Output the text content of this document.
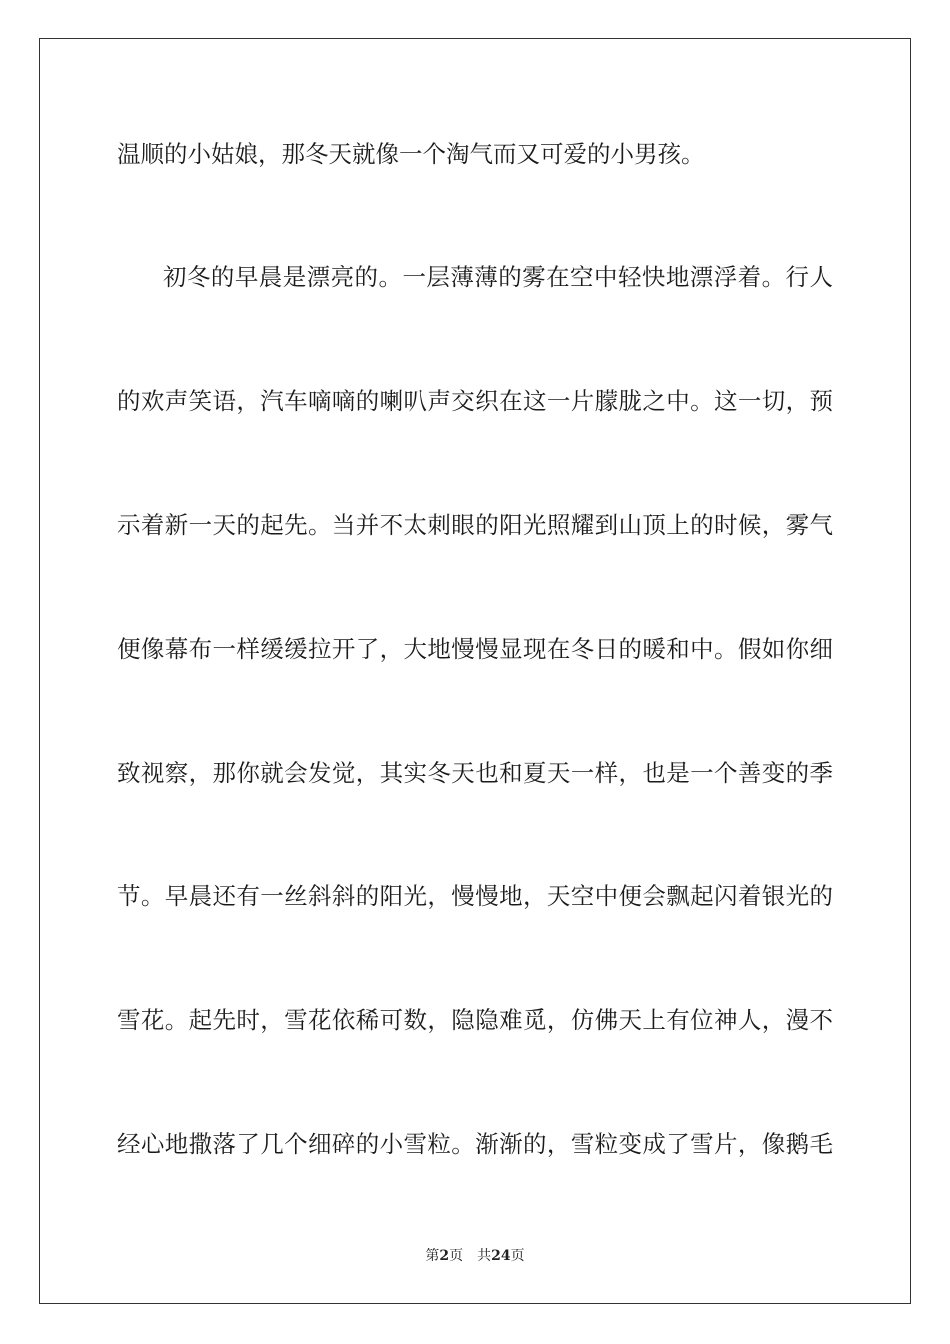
温顺的小姑娘，那冬天就像一个淘气而又可爱的小男孩。
初冬的早晨是漂亮的。一层薄薄的雾在空中轻快地漂浮着。行人
的欢声笑语，汽车嘀嘀的喇叭声交织在这一片朦胧之中。这一切，预
示着新一天的起先。当并不太刺眼的阳光照耀到山顶上的时候，雾气
便像幕布一样缓缓拉开了，大地慢慢显现在冬日的暖和中。假如你细
致视察，那你就会发觉，其实冬天也和夏天一样，也是一个善变的季
节。早晨还有一丝斜斜的阳光，慢慢地，天空中便会飘起闪着银光的
雪花。起先时，雪花依稀可数，隐隐难觅，仿佛天上有位神人，漫不
经心地撒落了几个细碎的小雪粒。渐渐的，雪粒变成了雪片，像鹅毛
第2页 共24页
